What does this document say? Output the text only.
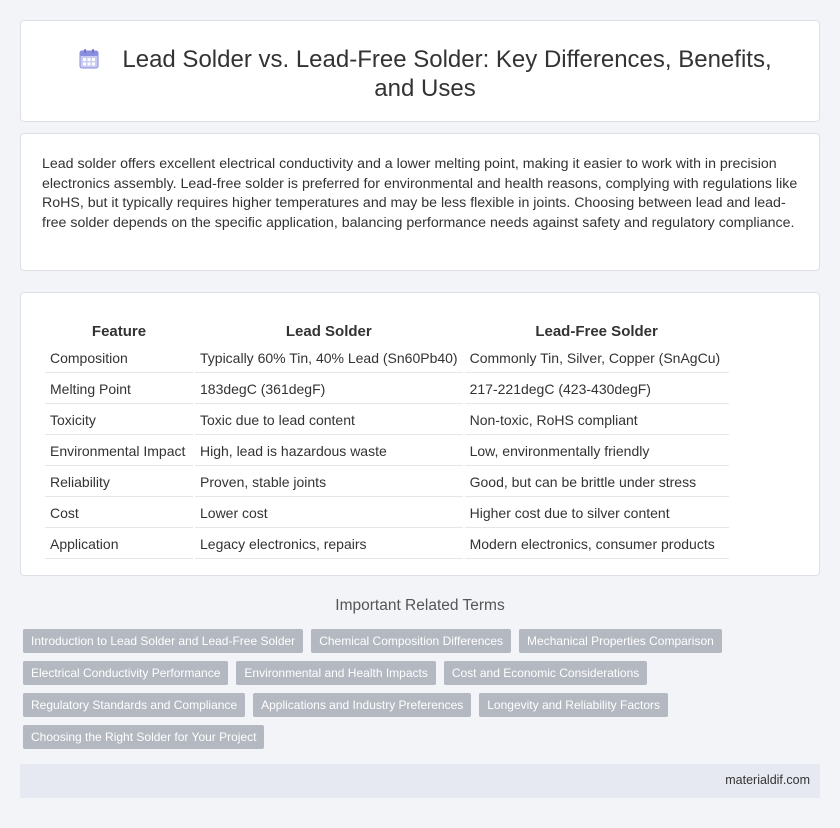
Lead Solder vs. Lead-Free Solder: Key Differences, Benefits, and Uses

Lead solder offers excellent electrical conductivity and a lower melting point, making it easier to work with in precision electronics assembly. Lead-free solder is preferred for environmental and health reasons, complying with regulations like RoHS, but it typically requires higher temperatures and may be less flexible in joints. Choosing between lead and lead-free solder depends on the specific application, balancing performance needs against safety and regulatory compliance.

Feature	Lead Solder	Lead-Free Solder
Composition	Typically 60% Tin, 40% Lead (Sn60Pb40)	Commonly Tin, Silver, Copper (SnAgCu)
Melting Point	183degC (361degF)	217-221degC (423-430degF)
Toxicity	Toxic due to lead content	Non-toxic, RoHS compliant
Environmental Impact	High, lead is hazardous waste	Low, environmentally friendly
Reliability	Proven, stable joints	Good, but can be brittle under stress
Cost	Lower cost	Higher cost due to silver content
Application	Legacy electronics, repairs	Modern electronics, consumer products
Important Related Terms
Introduction to Lead Solder and Lead-Free Solder	Chemical Composition Differences	Mechanical Properties Comparison
Electrical Conductivity Performance	Environmental and Health Impacts	Cost and Economic Considerations
Regulatory Standards and Compliance	Applications and Industry Preferences	Longevity and Reliability Factors
Choosing the Right Solder for Your Project
materialdif.com
